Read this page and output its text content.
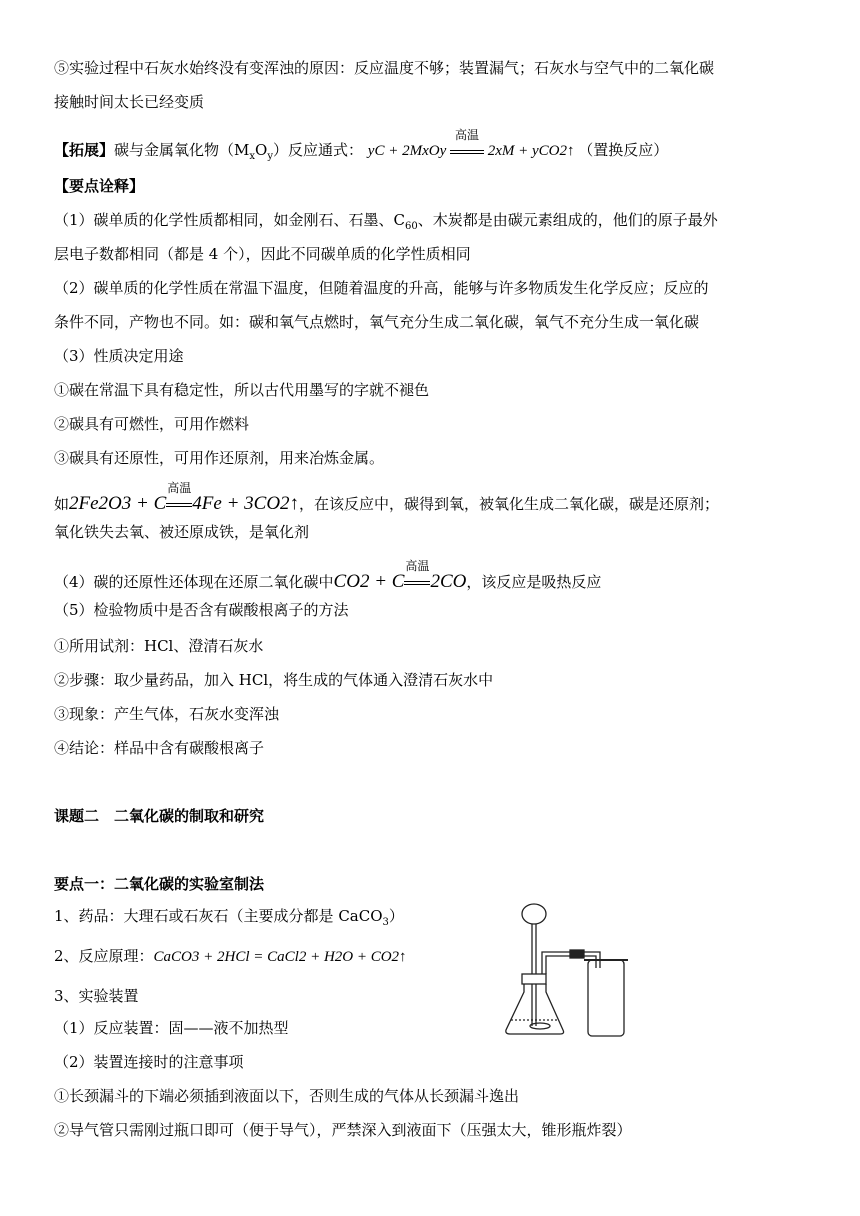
⑤实验过程中石灰水始终没有变浑浊的原因：反应温度不够；装置漏气；石灰水与空气中的二氧化碳
接触时间太长已经变质
【拓展】碳与金属氧化物$(M_xO_y)$反应通式： yC + 2MxOy
高温
2xM + yCO2↑ （置换反应）
【要点诠释】
（1）碳单质的化学性质都相同，如金刚石、石墨、$C_{60}$、木炭都是由碳元素组成的，他们的原子最外
层电子数都相同（都是 4 个），因此不同碳单质的化学性质相同
（2）碳单质的化学性质在常温下温度，但随着温度的升高，能够与许多物质发生化学反应；反应的
条件不同，产物也不同。如：碳和氧气点燃时，氧气充分生成二氧化碳，氧气不充分生成一氧化碳
（3）性质决定用途
①碳在常温下具有稳定性，所以古代用墨写的字就不褪色
②碳具有可燃性，可用作燃料
③碳具有还原性，可用作还原剂，用来冶炼金属。
如2Fe2O3 + C
高温
4Fe + 3CO2↑，在该反应中，碳得到氧，被氧化生成二氧化碳，碳是还原剂；
氧化铁失去氧、被还原成铁，是氧化剂
（4）碳的还原性还体现在还原二氧化碳中CO2 + C
高温
2CO，该反应是吸热反应
（5）检验物质中是否含有碳酸根离子的方法
①所用试剂：HCl、澄清石灰水
②步骤：取少量药品，加入 HCl，将生成的气体通入澄清石灰水中
③现象：产生气体，石灰水变浑浊
④结论：样品中含有碳酸根离子
课题二　二氧化碳的制取和研究
要点一：二氧化碳的实验室制法
1、药品：大理石或石灰石（主要成分都是 CaCO$_3$）
2、反应原理：CaCO3 + 2HCl = CaCl2 + H2O + CO2↑
3、实验装置
（1）反应装置：固——液不加热型
（2）装置连接时的注意事项
①长颈漏斗的下端必须插到液面以下，否则生成的气体从长颈漏斗逸出
②导气管只需刚过瓶口即可（便于导气），严禁深入到液面下（压强太大，锥形瓶炸裂）
